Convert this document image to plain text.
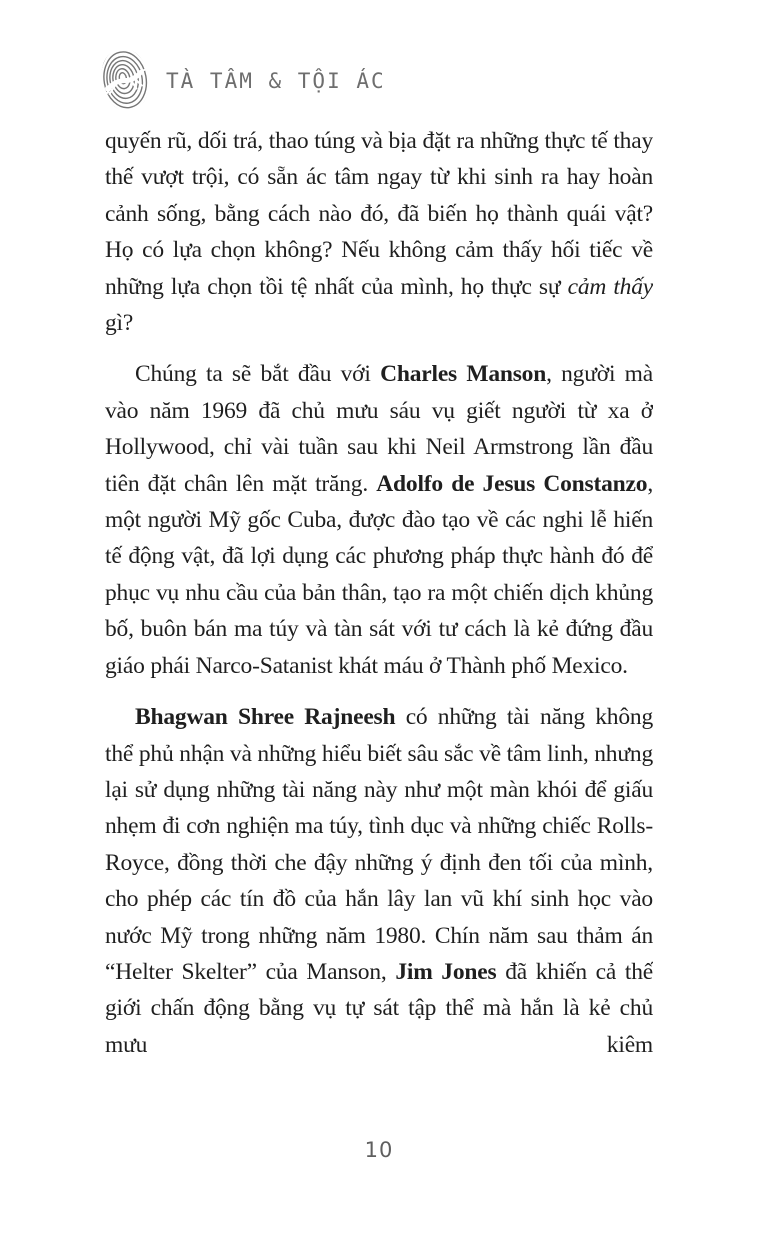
TÀ TÂM & TỘI ÁC

quyến rũ, dối trá, thao túng và bịa đặt ra những thực tế thay thế vượt trội, có sẵn ác tâm ngay từ khi sinh ra hay hoàn cảnh sống, bằng cách nào đó, đã biến họ thành quái vật? Họ có lựa chọn không? Nếu không cảm thấy hối tiếc về những lựa chọn tồi tệ nhất của mình, họ thực sự cảm thấy gì?

Chúng ta sẽ bắt đầu với Charles Manson, người mà vào năm 1969 đã chủ mưu sáu vụ giết người từ xa ở Hollywood, chỉ vài tuần sau khi Neil Armstrong lần đầu tiên đặt chân lên mặt trăng. Adolfo de Jesus Constanzo, một người Mỹ gốc Cuba, được đào tạo về các nghi lễ hiến tế động vật, đã lợi dụng các phương pháp thực hành đó để phục vụ nhu cầu của bản thân, tạo ra một chiến dịch khủng bố, buôn bán ma túy và tàn sát với tư cách là kẻ đứng đầu giáo phái Narco-Satanist khát máu ở Thành phố Mexico.

Bhagwan Shree Rajneesh có những tài năng không thể phủ nhận và những hiểu biết sâu sắc về tâm linh, nhưng lại sử dụng những tài năng này như một màn khói để giấu nhẹm đi cơn nghiện ma túy, tình dục và những chiếc Rolls-Royce, đồng thời che đậy những ý định đen tối của mình, cho phép các tín đồ của hắn lây lan vũ khí sinh học vào nước Mỹ trong những năm 1980. Chín năm sau thảm án “Helter Skelter” của Manson, Jim Jones đã khiến cả thế giới chấn động bằng vụ tự sát tập thể mà hắn là kẻ chủ mưu kiêm

10
